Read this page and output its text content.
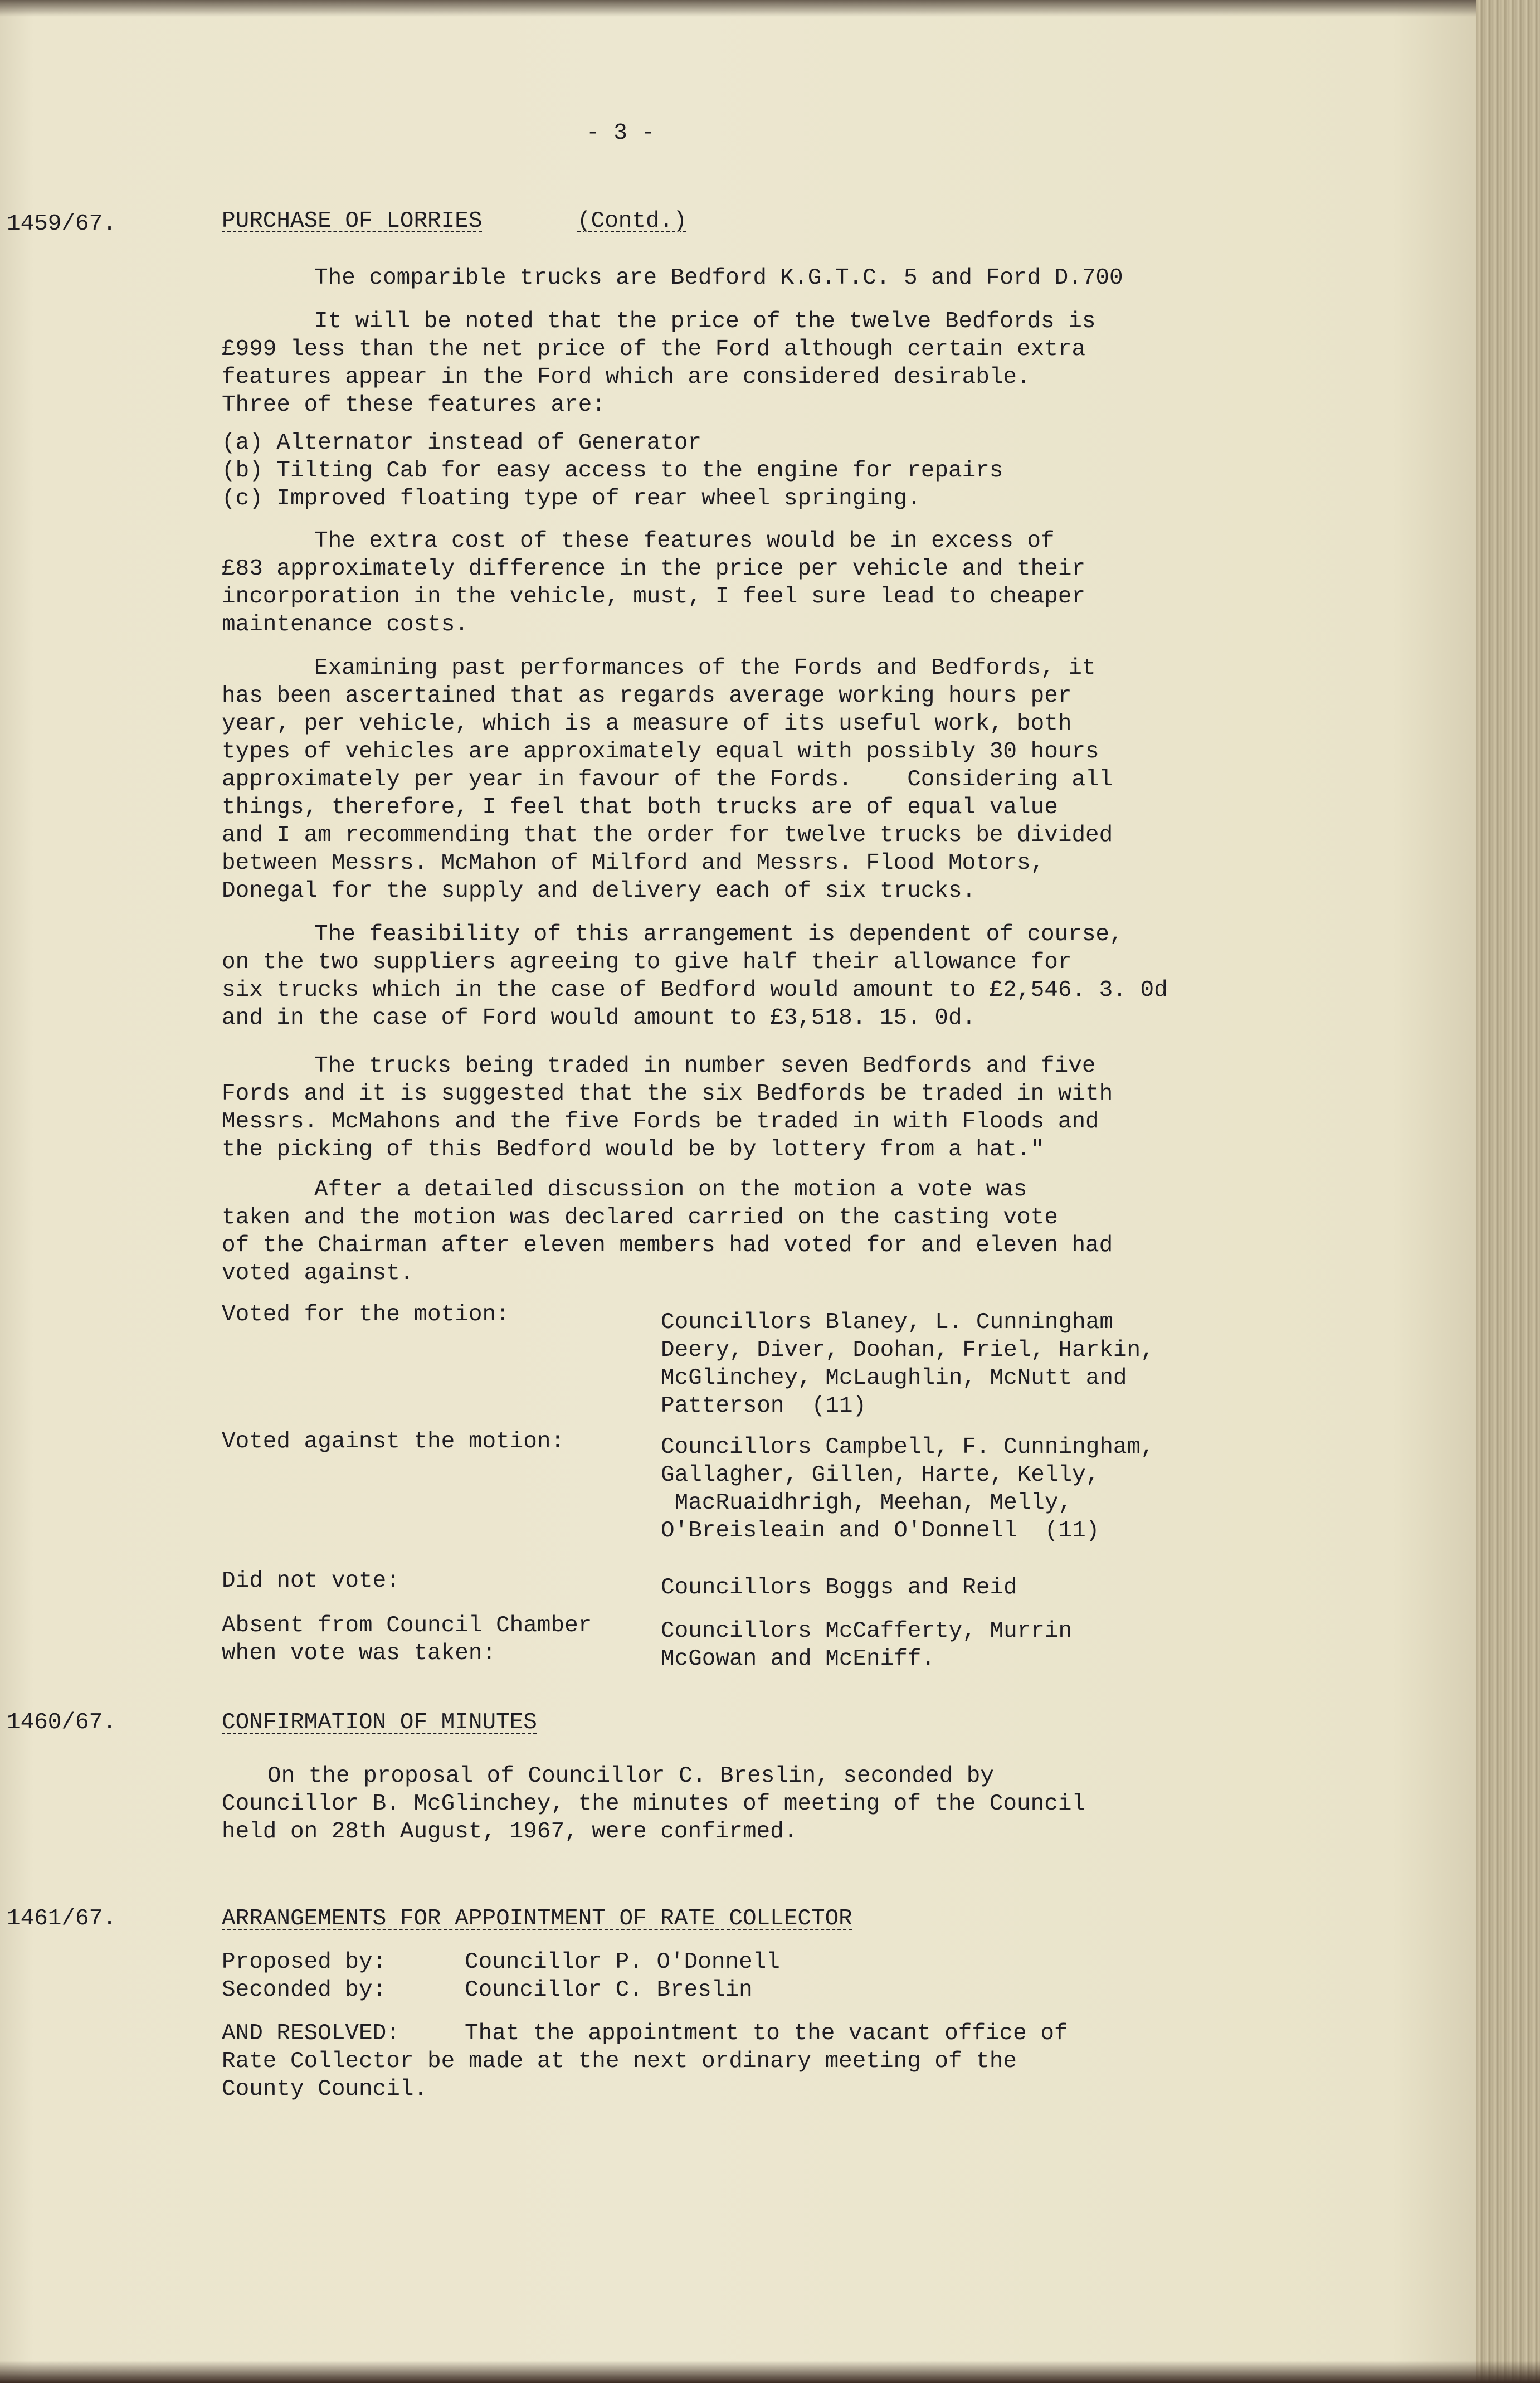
- 3 -

1459/67.

	PURCHASE OF LORRIES

	(Contd.)

The comparible trucks are Bedford K.G.T.C. 5 and Ford D.700

It will be noted that the price of the twelve Bedfords is
£999 less than the net price of the Ford although certain extra
features appear in the Ford which are considered desirable.
Three of these features are:

(a) Alternator instead of Generator

(b) Tilting Cab for easy access to the engine for repairs

(c) Improved floating type of rear wheel springing.

The extra cost of these features would be in excess of
£83 approximately difference in the price per vehicle and their
incorporation in the vehicle, must, I feel sure lead to cheaper
maintenance costs.

Examining past performances of the Fords and Bedfords, it
has been ascertained that as regards average working hours per
year, per vehicle, which is a measure of its useful work, both
types of vehicles are approximately equal with possibly 30 hours
approximately per year in favour of the Fords.    Considering all
things, therefore, I feel that both trucks are of equal value
and I am recommending that the order for twelve trucks be divided
between Messrs. McMahon of Milford and Messrs. Flood Motors,
Donegal for the supply and delivery each of six trucks.

The feasibility of this arrangement is dependent of course,
on the two suppliers agreeing to give half their allowance for
six trucks which in the case of Bedford would amount to £2,546. 3. 0d
and in the case of Ford would amount to £3,518. 15. 0d.

The trucks being traded in number seven Bedfords and five
Fords and it is suggested that the six Bedfords be traded in with
Messrs. McMahons and the five Fords be traded in with Floods and
the picking of this Bedford would be by lottery from a hat."

After a detailed discussion on the motion a vote was
taken and the motion was declared carried on the casting vote
of the Chairman after eleven members had voted for and eleven had
voted against.

Voted for the motion:

	Councillors Blaney, L. Cunningham
Deery, Diver, Doohan, Friel, Harkin,
McGlinchey, McLaughlin, McNutt and
Patterson  (11)

Voted against the motion:

	Councillors Campbell, F. Cunningham,
Gallagher, Gillen, Harte, Kelly,
MacRuaidhrigh, Meehan, Melly,
O'Breisleain and O'Donnell  (11)

Did not vote:

	Councillors Boggs and Reid

Absent from Council Chamber
when vote was taken:

Councillors McCafferty, Murrin
McGowan and McEniff.

1460/67.

	CONFIRMATION OF MINUTES

On the proposal of Councillor C. Breslin, seconded by
Councillor B. McGlinchey, the minutes of meeting of the Council
held on 28th August, 1967, were confirmed.

1461/67.

	ARRANGEMENTS FOR APPOINTMENT OF RATE COLLECTOR

Proposed by:

	Councillor P. O'Donnell

Seconded by:

	Councillor C. Breslin

AND RESOLVED:

	That the appointment to the vacant office of
Rate Collector be made at the next ordinary meeting of the
County Council.
